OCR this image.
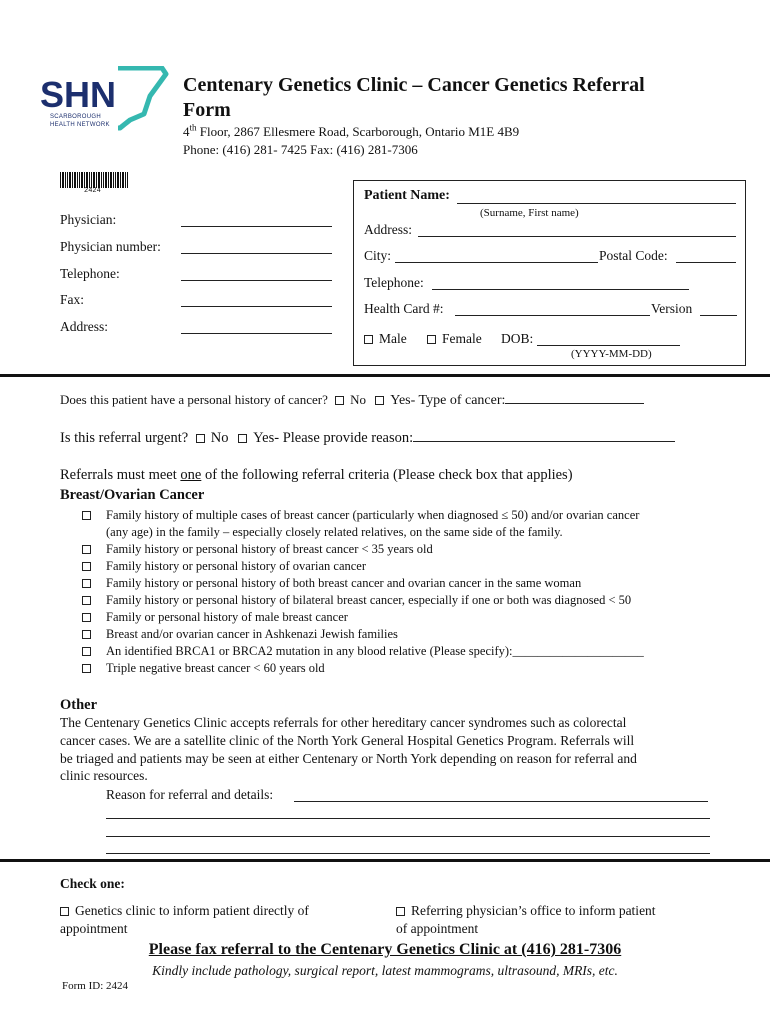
SHN
SCARBOROUGH
HEALTH NETWORK
Centenary Genetics Clinic – Cancer Genetics Referral
Form
4th Floor, 2867 Ellesmere Road, Scarborough, Ontario M1E 4B9
Phone: (416) 281- 7425 Fax: (416) 281-7306
2424
Physician:
Physician number:
Telephone:
Fax:
Address:
Patient Name:
(Surname, First name)
Address:
City:	Postal Code:
Telephone:
Health Card #:	Version
Male	Female DOB:
(YYYY-MM-DD)
Does this patient have a personal history of cancer? No Yes- Type of cancer:
Is this referral urgent? No Yes- Please provide reason:
Referrals must meet one of the following referral criteria (Please check box that applies)
Breast/Ovarian Cancer
Family history of multiple cases of breast cancer (particularly when diagnosed ≤ 50) and/or ovarian cancer
(any age) in the family – especially closely related relatives, on the same side of the family.
Family history or personal history of breast cancer < 35 years old
Family history or personal history of ovarian cancer
Family history or personal history of both breast cancer and ovarian cancer in the same woman
Family history or personal history of bilateral breast cancer, especially if one or both was diagnosed < 50
Family or personal history of male breast cancer
Breast and/or ovarian cancer in Ashkenazi Jewish families
An identified BRCA1 or BRCA2 mutation in any blood relative (Please specify):_____________________
Triple negative breast cancer < 60 years old
Other
The Centenary Genetics Clinic accepts referrals for other hereditary cancer syndromes such as colorectal
cancer cases. We are a satellite clinic of the North York General Hospital Genetics Program. Referrals will
be triaged and patients may be seen at either Centenary or North York depending on reason for referral and
clinic resources.
Reason for referral and details:
Check one:
Genetics clinic to inform patient directly of
appointment
Referring physician’s office to inform patient
of appointment
Please fax referral to the Centenary Genetics Clinic at (416) 281-7306
Kindly include pathology, surgical report, latest mammograms, ultrasound, MRIs, etc.
Form ID: 2424
